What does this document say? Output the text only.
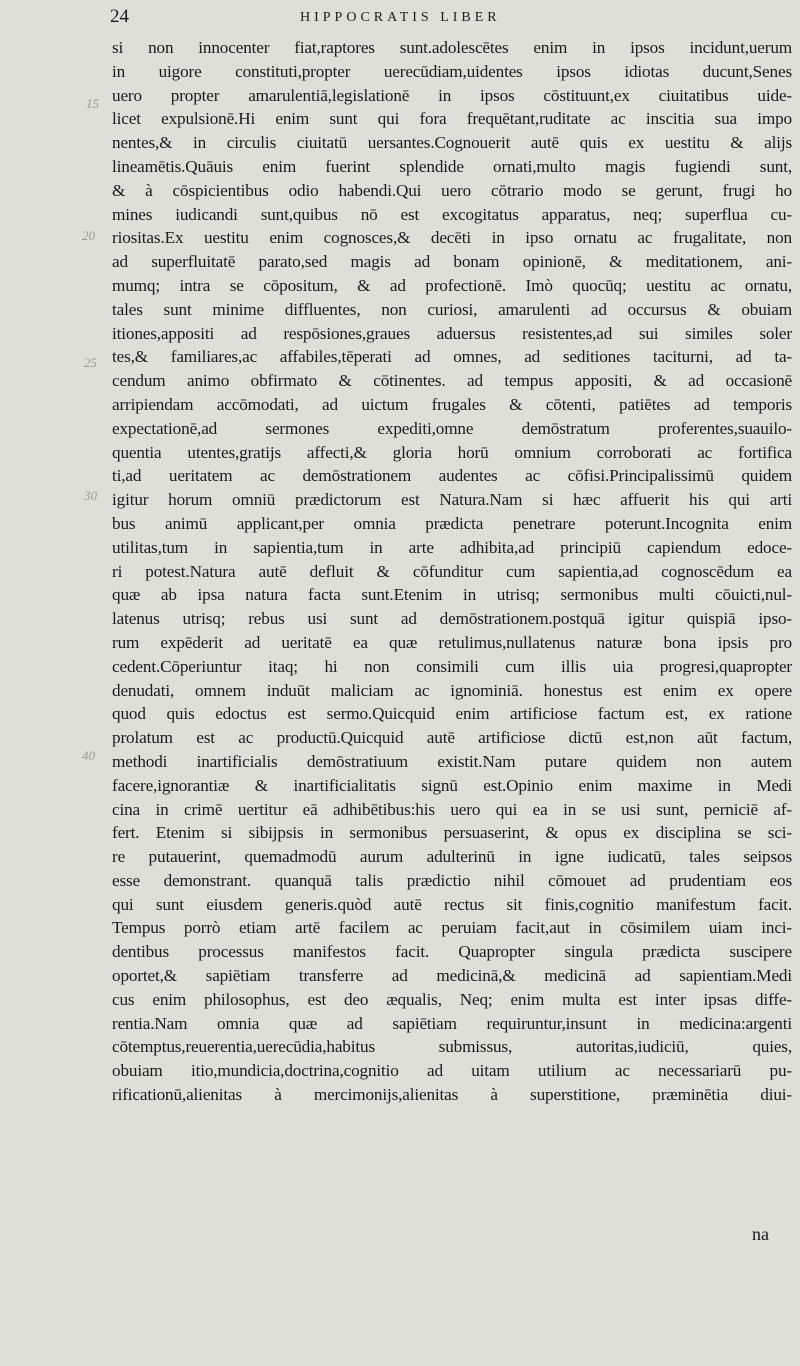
24	HIPPOCRATIS LIBER
15
20
25
30
40
si non innocenter fiat,raptores sunt.adolescētes enim in ipsos incidunt,uerum
in uigore constituti,propter uerecūdiam,uidentes ipsos idiotas ducunt,Senes
uero propter amarulentiā,legislationē in ipsos cōstituunt,ex ciuitatibus uide-
licet expulsionē.Hi enim sunt qui fora frequētant,ruditate ac inscitia sua impo
nentes,& in circulis ciuitatū uersantes.Cognouerit autē quis ex uestitu & alijs
lineamētis.Quāuis enim fuerint splendide ornati,multo magis fugiendi sunt,
& à cōspicientibus odio habendi.Qui uero cōtrario modo se gerunt, frugi ho
mines iudicandi sunt,quibus nō est excogitatus apparatus, neq; superflua cu-
riositas.Ex uestitu enim cognosces,& decēti in ipso ornatu ac frugalitate, non
ad superfluitatē parato,sed magis ad bonam opinionē, & meditationem, ani-
mumq; intra se cōpositum, & ad profectionē. Imò quocūq; uestitu ac ornatu,
tales sunt minime diffluentes, non curiosi, amarulenti ad occursus & obuiam
itiones,appositi ad respōsiones,graues aduersus resistentes,ad sui similes soler
tes,& familiares,ac affabiles,tēperati ad omnes, ad seditiones taciturni, ad ta-
cendum animo obfirmato & cōtinentes. ad tempus appositi, & ad occasionē
arripiendam accōmodati, ad uictum frugales & cōtenti, patiētes ad temporis
expectationē,ad sermones expediti,omne demōstratum proferentes,suauilo-
quentia utentes,gratijs affecti,& gloria horū omnium corroborati ac fortifica
ti,ad ueritatem ac demōstrationem audentes ac cōfisi.Principalissimū quidem
igitur horum omniū prædictorum est Natura.Nam si hæc affuerit his qui arti
bus animū applicant,per omnia prædicta penetrare poterunt.Incognita enim
utilitas,tum in sapientia,tum in arte adhibita,ad principiū capiendum edoce-
ri potest.Natura autē defluit & cōfunditur cum sapientia,ad cognoscēdum ea
quæ ab ipsa natura facta sunt.Etenim in utrisq; sermonibus multi cōuicti,nul-
latenus utrisq; rebus usi sunt ad demōstrationem.postquā igitur quispiā ipso-
rum expēderit ad ueritatē ea quæ retulimus,nullatenus naturæ bona ipsis pro
cedent.Cōperiuntur itaq; hi non consimili cum illis uia progresi,quapropter
denudati, omnem induūt maliciam ac ignominiā. honestus est enim ex opere
quod quis edoctus est sermo.Quicquid enim artificiose factum est, ex ratione
prolatum est ac productū.Quicquid autē artificiose dictū est,non aūt factum,
methodi inartificialis demōstratiuum existit.Nam putare quidem non autem
facere,ignorantiæ & inartificialitatis signū est.Opinio enim maxime in Medi
cina in crimē uertitur eā adhibētibus:his uero qui ea in se usi sunt, perniciē af-
fert. Etenim si sibijpsis in sermonibus persuaserint, & opus ex disciplina se sci-
re putauerint, quemadmodū aurum adulterinū in igne iudicatū, tales seipsos
esse demonstrant. quanquā talis prædictio nihil cōmouet ad prudentiam eos
qui sunt eiusdem generis.quòd autē rectus sit finis,cognitio manifestum facit.
Tempus porrò etiam artē facilem ac peruiam facit,aut in cōsimilem uiam inci-
dentibus processus manifestos facit. Quapropter singula prædicta suscipere
oportet,& sapiētiam transferre ad medicinā,& medicinā ad sapientiam.Medi
cus enim philosophus, est deo æqualis, Neq; enim multa est inter ipsas diffe-
rentia.Nam omnia quæ ad sapiētiam requiruntur,insunt in medicina:argenti
cōtemptus,reuerentia,uerecūdia,habitus submissus, autoritas,iudiciū, quies,
obuiam itio,mundicia,doctrina,cognitio ad uitam utilium ac necessariarū pu-
rificationū,alienitas à mercimonijs,alienitas à superstitione, præminētia diui-
na
